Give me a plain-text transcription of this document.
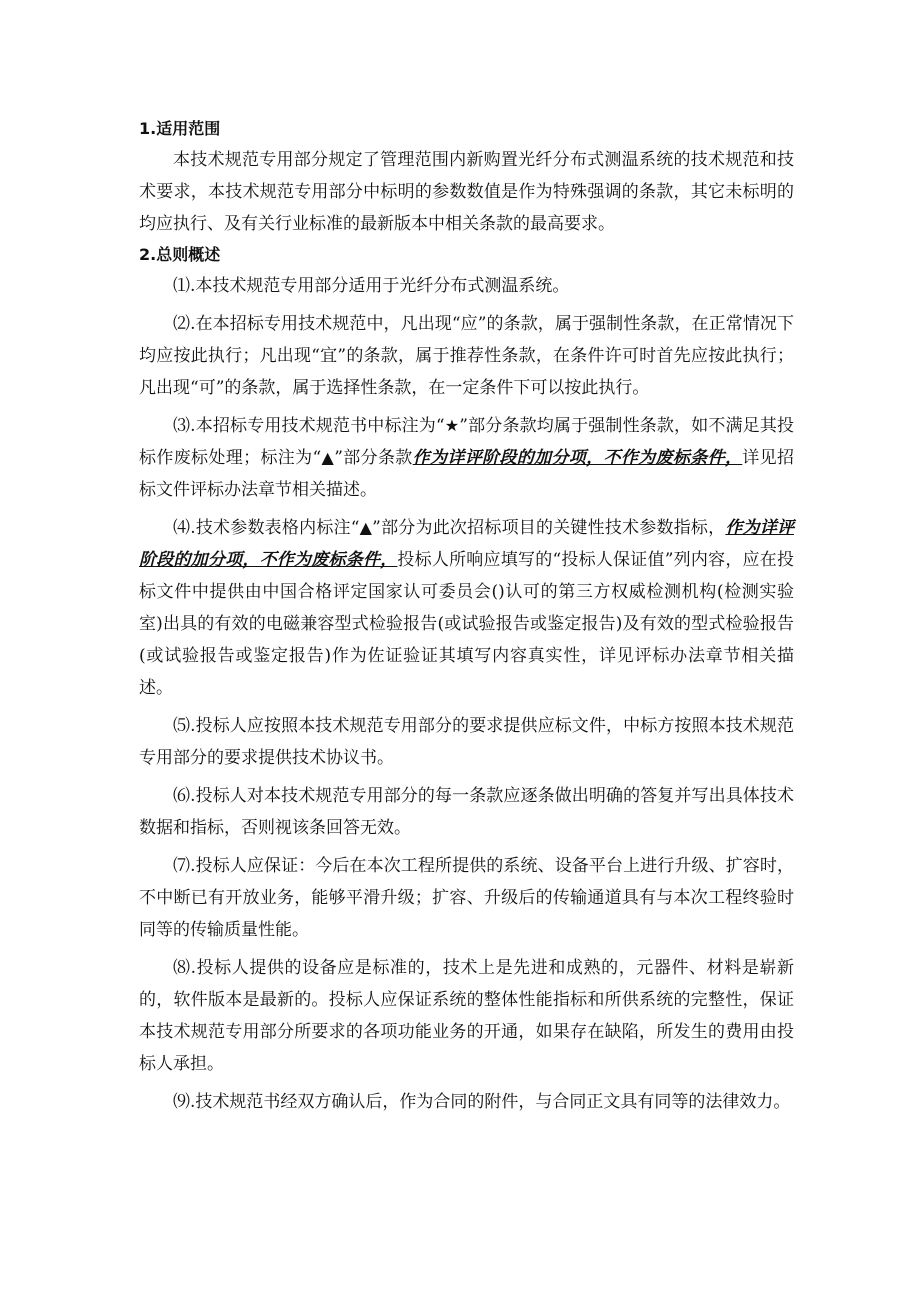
1.适用范围

本技术规范专用部分规定了管理范围内新购置光纤分布式测温系统的技术规范和技术要求，本技术规范专用部分中标明的参数数值是作为特殊强调的条款，其它未标明的均应执行、及有关行业标准的最新版本中相关条款的最高要求。

2.总则概述

⑴.本技术规范专用部分适用于光纤分布式测温系统。

⑵.在本招标专用技术规范中，凡出现“应”的条款，属于强制性条款，在正常情况下均应按此执行；凡出现“宜”的条款，属于推荐性条款，在条件许可时首先应按此执行；凡出现“可”的条款，属于选择性条款，在一定条件下可以按此执行。

⑶.本招标专用技术规范书中标注为“★”部分条款均属于强制性条款，如不满足其投标作废标处理；标注为“▲”部分条款作为详评阶段的加分项，不作为废标条件，详见招标文件评标办法章节相关描述。

⑷.技术参数表格内标注“▲”部分为此次招标项目的关键性技术参数指标，作为详评阶段的加分项，不作为废标条件，投标人所响应填写的“投标人保证值”列内容，应在投标文件中提供由中国合格评定国家认可委员会()认可的第三方权威检测机构(检测实验室)出具的有效的电磁兼容型式检验报告(或试验报告或鉴定报告)及有效的型式检验报告(或试验报告或鉴定报告)作为佐证验证其填写内容真实性，详见评标办法章节相关描述。

⑸.投标人应按照本技术规范专用部分的要求提供应标文件，中标方按照本技术规范专用部分的要求提供技术协议书。

⑹.投标人对本技术规范专用部分的每一条款应逐条做出明确的答复并写出具体技术数据和指标，否则视该条回答无效。

⑺.投标人应保证：今后在本次工程所提供的系统、设备平台上进行升级、扩容时，不中断已有开放业务，能够平滑升级；扩容、升级后的传输通道具有与本次工程终验时同等的传输质量性能。

⑻.投标人提供的设备应是标准的，技术上是先进和成熟的，元器件、材料是崭新的，软件版本是最新的。投标人应保证系统的整体性能指标和所供系统的完整性，保证本技术规范专用部分所要求的各项功能业务的开通，如果存在缺陷，所发生的费用由投标人承担。

⑼.技术规范书经双方确认后，作为合同的附件，与合同正文具有同等的法律效力。
